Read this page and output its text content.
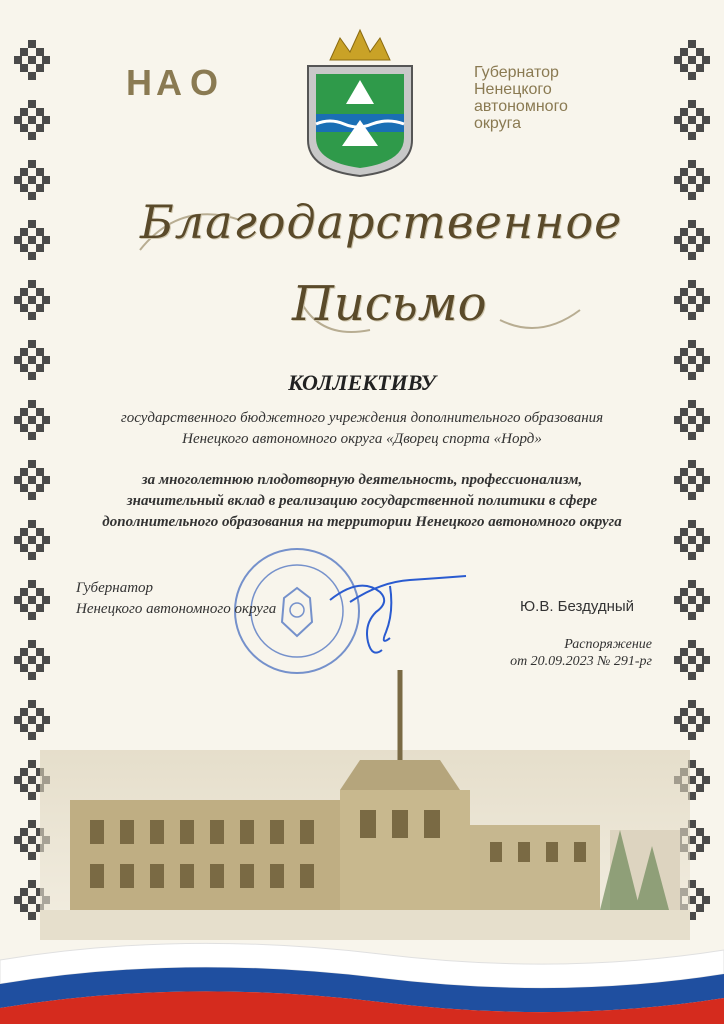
Н А О	Губернатор
Ненецкого
автономного
округа
Благодарственное
Письмо
КОЛЛЕКТИВУ
государственного бюджетного учреждения дополнительного образования
Ненецкого автономного округа «Дворец спорта «Норд»
за многолетнюю плодотворную деятельность, профессионализм,
значительный вклад в реализацию государственной политики в сфере
дополнительного образования на территории Ненецкого автономного округа
Губернатор
Ненецкого автономного округа	Ю.В. Бездудный
Распоряжение
от 20.09.2023 № 291-рг
